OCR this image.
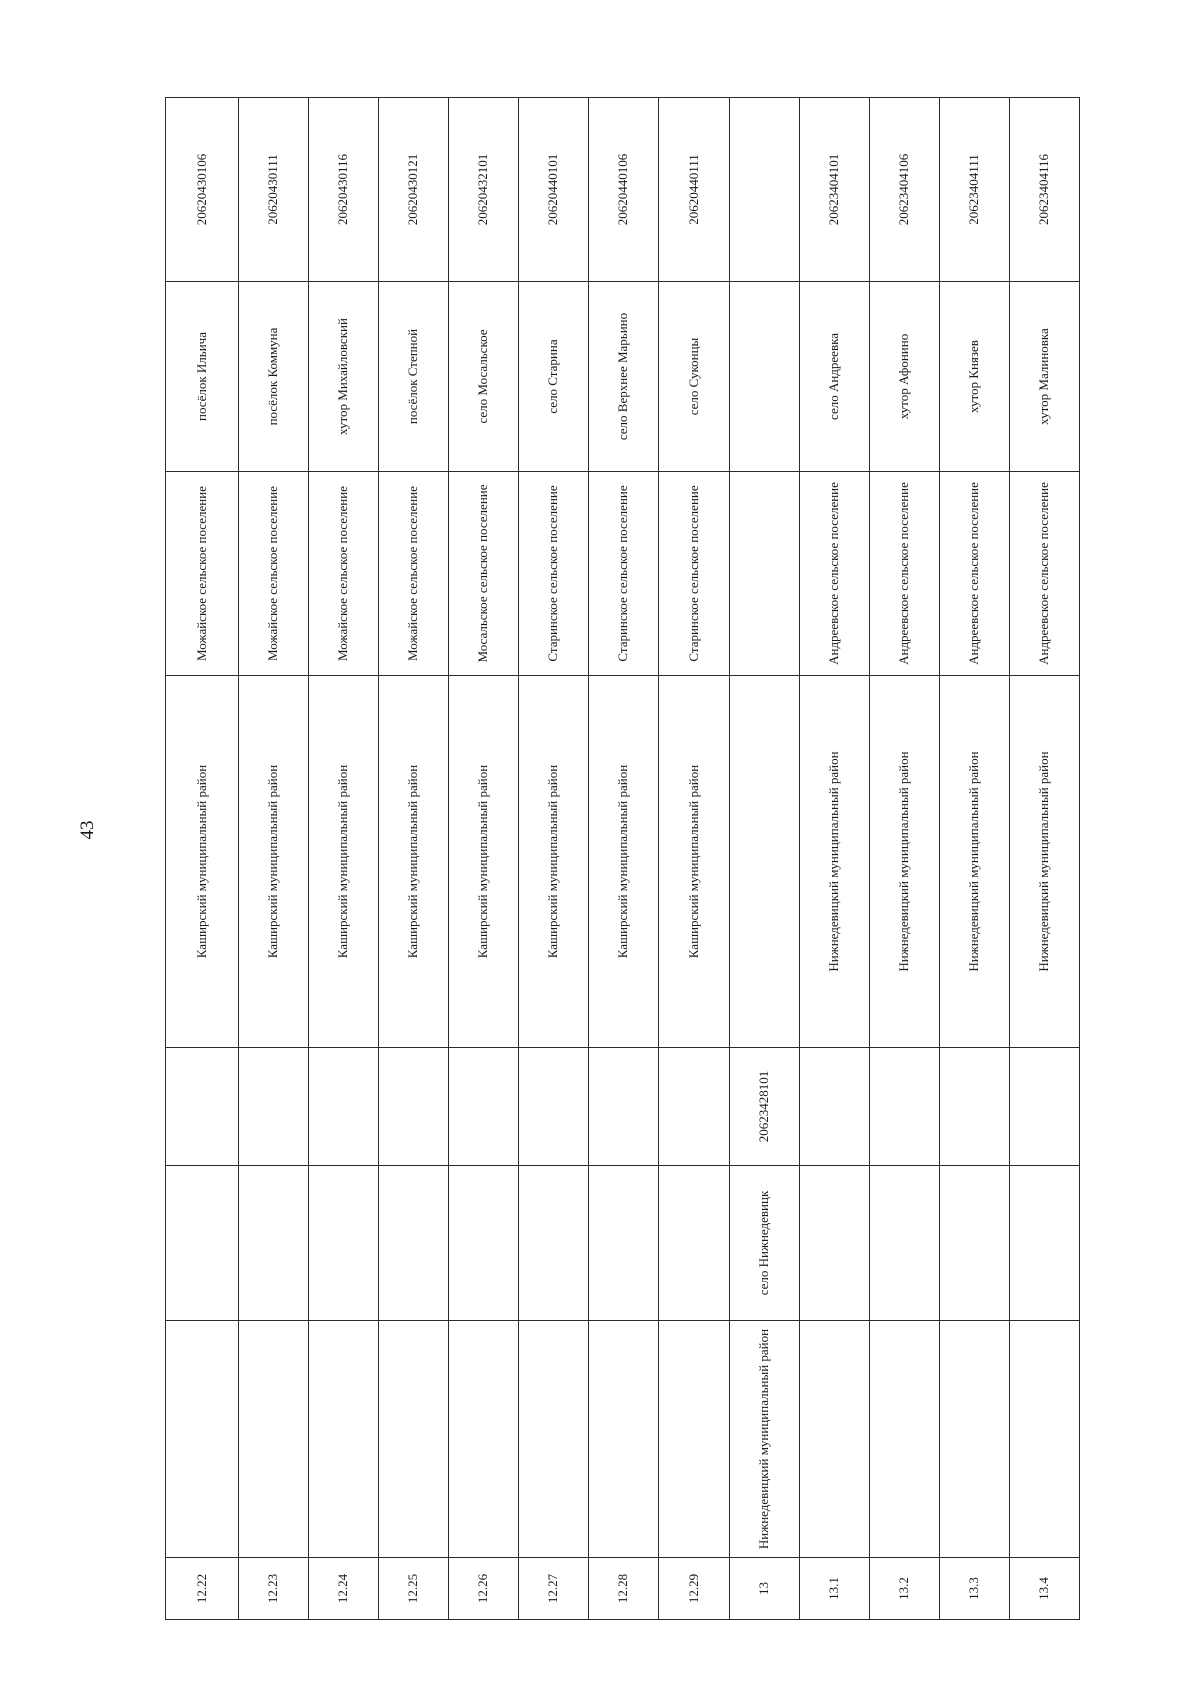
43
12.22				Каширский муниципальный район	Можайское сельское поселение	посёлок Ильича	20620430106
12.23				Каширский муниципальный район	Можайское сельское поселение	посёлок Коммуна	20620430111
12.24				Каширский муниципальный район	Можайское сельское поселение	хутор Михайловский	20620430116
12.25				Каширский муниципальный район	Можайское сельское поселение	посёлок Степной	20620430121
12.26				Каширский муниципальный район	Мосальское сельское поселение	село Мосальское	20620432101
12.27				Каширский муниципальный район	Старинское сельское поселение	село Старина	20620440101
12.28				Каширский муниципальный район	Старинское сельское поселение	село Верхнее Марьино	20620440106
12.29				Каширский муниципальный район	Старинское сельское поселение	село Суконцы	20620440111
13	Нижнедевицкий муниципальный район	село Нижнедевицк	20623428101				
13.1				Нижнедевицкий муниципальный район	Андреевское сельское поселение	село Андреевка	20623404101
13.2				Нижнедевицкий муниципальный район	Андреевское сельское поселение	хутор Афонино	20623404106
13.3				Нижнедевицкий муниципальный район	Андреевское сельское поселение	хутор Князев	20623404111
13.4				Нижнедевицкий муниципальный район	Андреевское сельское поселение	хутор Малиновка	20623404116
